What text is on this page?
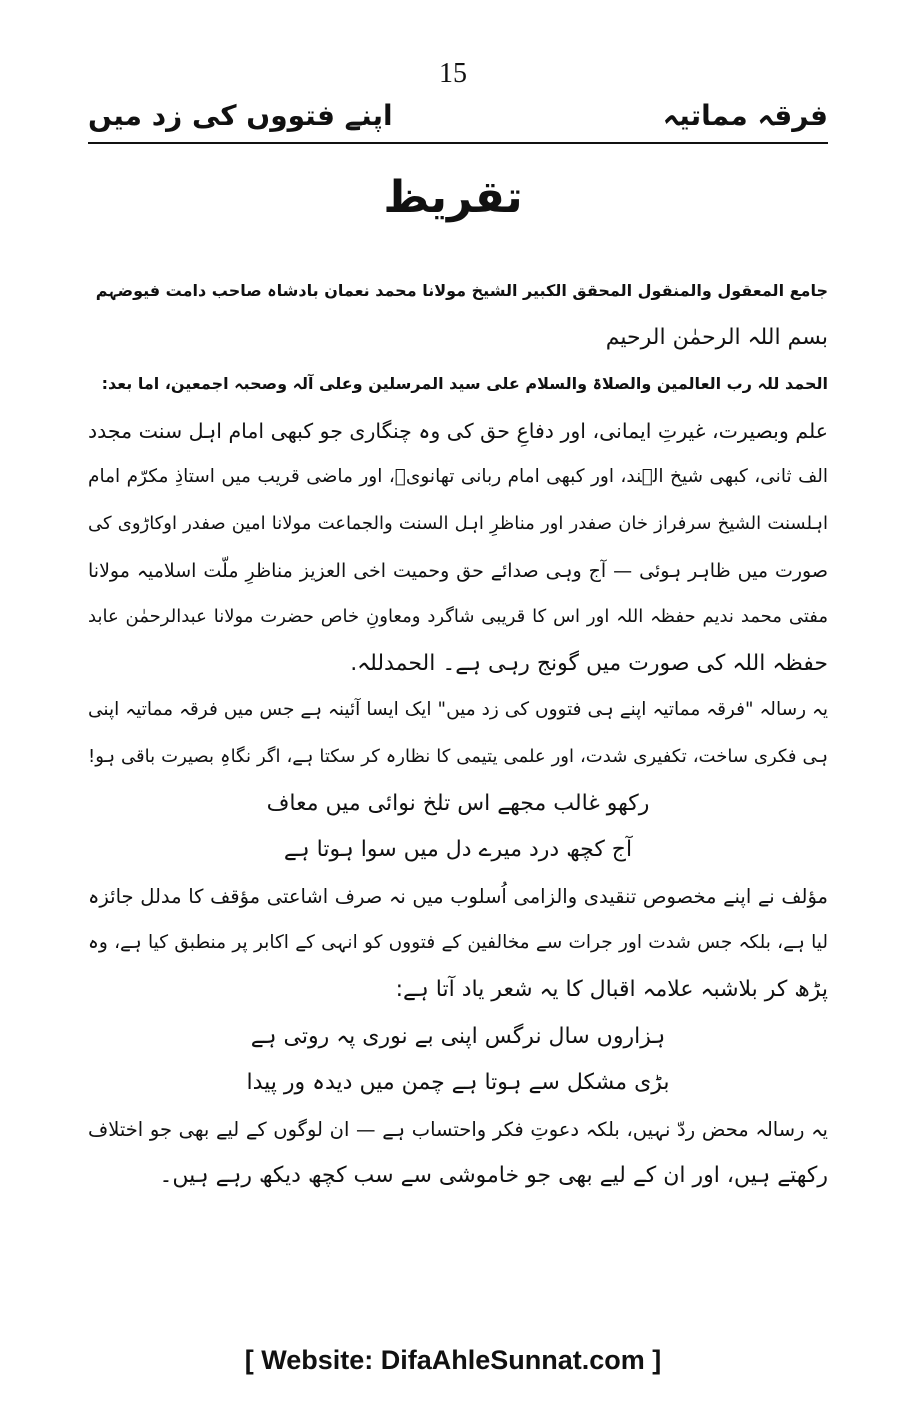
15
فرقہ مماتیہ
اپنے فتووں کی زد میں
تقریظ
جامع المعقول والمنقول المحقق الکبیر الشیخ مولانا محمد نعمان بادشاہ صاحب دامت فیوضہم
بسم اللہ الرحمٰن الرحیم
الحمد للہ رب العالمین والصلاۃ والسلام علی سید المرسلین وعلی آلہ وصحبہ اجمعین، اما بعد:
علم وبصیرت، غیرتِ ایمانی، اور دفاعِ حق کی وہ چنگاری جو کبھی امام اہل سنت مجدد
الف ثانی، کبھی شیخ الہند، اور کبھی امام ربانی تھانویؒ، اور ماضی قریب میں استاذِ مکرّم امام
اہلسنت الشیخ سرفراز خان صفدر اور مناظرِ اہل السنت والجماعت مولانا امین صفدر اوکاڑوی کی
صورت میں ظاہر ہوئی — آج وہی صدائے حق وحمیت اخی العزیز مناظرِ ملّت اسلامیہ مولانا
مفتی محمد ندیم حفظہ اللہ اور اس کا قریبی شاگرد ومعاونِ خاص حضرت مولانا عبدالرحمٰن عابد
حفظہ اللہ کی صورت میں گونج رہی ہے۔ الحمدللہ.
یہ رسالہ "فرقہ مماتیہ اپنے ہی فتووں کی زد میں" ایک ایسا آئینہ ہے جس میں فرقہ مماتیہ اپنی
ہی فکری ساخت، تکفیری شدت، اور علمی یتیمی کا نظارہ کر سکتا ہے، اگر نگاہِ بصیرت باقی ہو!
رکھو غالب مجھے اس تلخ نوائی میں معاف
آج کچھ درد میرے دل میں سوا ہوتا ہے
مؤلف نے اپنے مخصوص تنقیدی والزامی اُسلوب میں نہ صرف اشاعتی مؤقف کا مدلل جائزہ
لیا ہے، بلکہ جس شدت اور جرات سے مخالفین کے فتووں کو انہی کے اکابر پر منطبق کیا ہے، وہ
پڑھ کر بلاشبہ علامہ اقبال کا یہ شعر یاد آتا ہے:
ہزاروں سال نرگس اپنی بے نوری پہ روتی ہے
بڑی مشکل سے ہوتا ہے چمن میں دیدہ ور پیدا
یہ رسالہ محض ردّ نہیں، بلکہ دعوتِ فکر واحتساب ہے — ان لوگوں کے لیے بھی جو اختلاف
رکھتے ہیں، اور ان کے لیے بھی جو خاموشی سے سب کچھ دیکھ رہے ہیں۔
[ Website: DifaAhleSunnat.com ]
